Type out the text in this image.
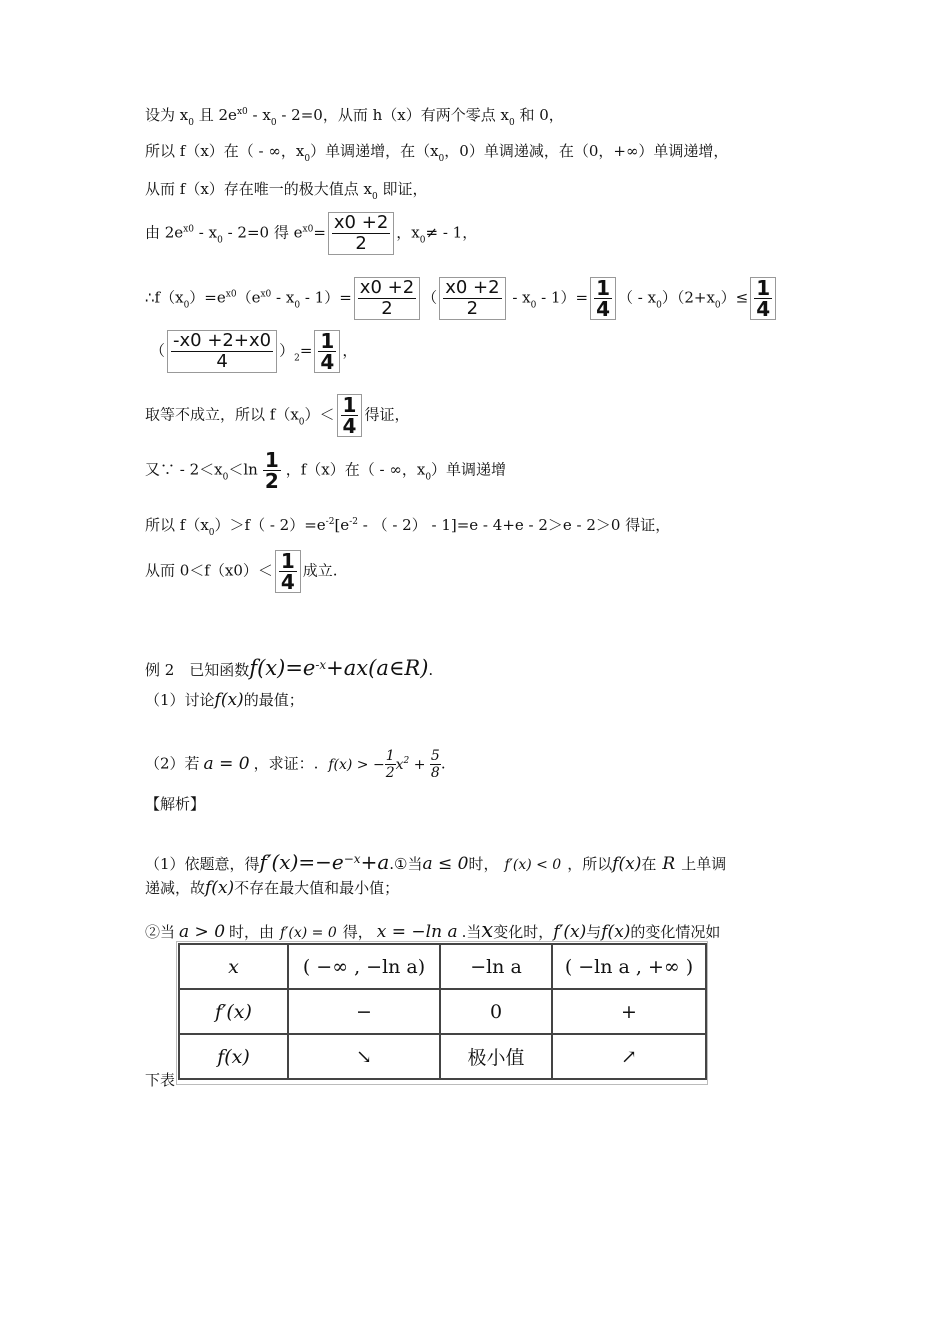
设为 $x_0$ 且 $2e^{x0} - x_0 - 2=0$，从而 h（x）有两个零点 $x_0$ 和 0，
所以 f（x）在（ - ∞，$x_0$）单调递增，在（$x_0$，0）单调递减，在（0，+∞）单调递增，
从而 f（x）存在唯一的极大值点 $x_0$ 即证，
由 $2e^{x0} - x_0 - 2=0$ 得 $e^{x0}= \frac{x0 +2}{2}$ ，$x_0\ne - 1$，
$\therefore f(x_0)=e^{x0}(e^{x0} - x_0 - 1)= \frac{x0 +2}{2}$ （ $\frac{x0 +2}{2} - x_0 - 1)= \frac{1}{4}$ （ - $x_0)(2+x_0)\le \frac{1}{4}$
（ $\frac{-x0 +2+x0}{4} )_2= \frac{1}{4}$ ，
取等不成立，所以 $f(x_0)< \frac{1}{4}$ 得证，
又∵ - $2<x_0<\ln \frac{1}{2}$ ，f（x）在（ - ∞，$x_0$）单调递增
所以 $f(x_0)>f( - 2)=e^{-2}[e^{-2}$ - （ - 2） - 1]=e - 4+e - 2＞e - 2＞0 得证，
从而 $0<f(x0)< \frac{1}{4}$ 成立.
例 2　已知函数$f(x)=e^{-x}+ax(a\in R)$.
（1）讨论f(x)的最值；
（2）若 a = 0 ，求证：. f(x) > − $\frac{1}{2} x^2 + \frac{5}{8}$ .
【解析】
（1）依题意，得$f'(x)=-e^{-x}+a.①$当a ≤ 0时， f′(x) < 0 ，所以f(x)在 R 上单调
递减，故f(x)不存在最大值和最小值；
②当 a > 0 时，由 f′(x) = 0 得， x = −ln a .当x变化时，f′(x)与f(x)的变化情况如
x	( −∞ , −ln a)	−ln a	( −ln a , +∞ )
f′(x)	−	0	+
f(x)	↘	极小值	↗
下表
